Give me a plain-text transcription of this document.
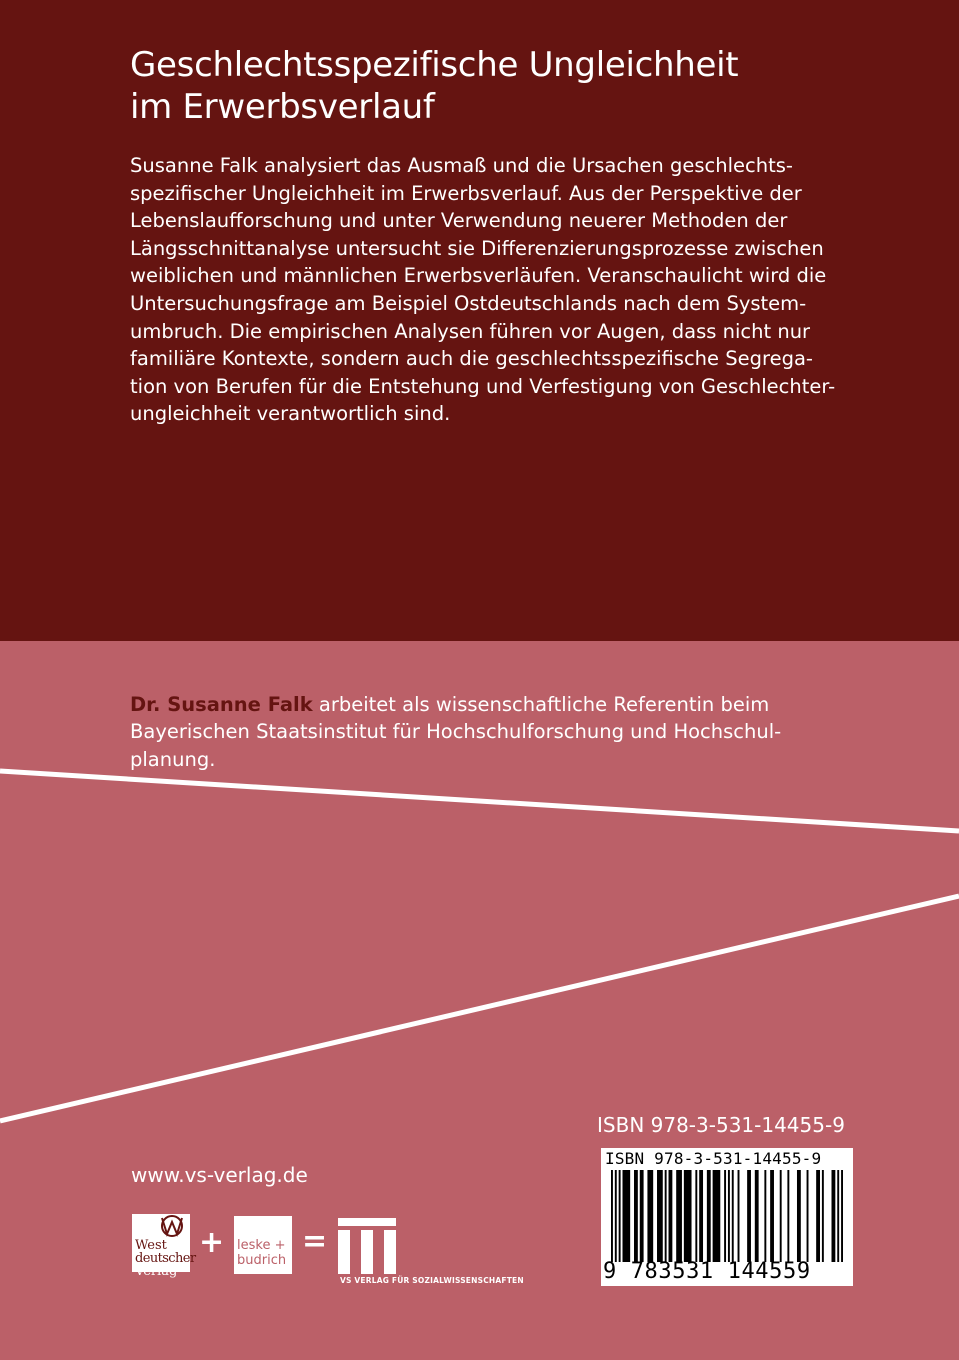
Geschlechtsspezifische Ungleichheit
im Erwerbsverlauf
Susanne Falk analysiert das Ausmaß und die Ursachen geschlechts-
spezifischer Ungleichheit im Erwerbsverlauf. Aus der Perspektive der
Lebenslaufforschung und unter Verwendung neuerer Methoden der
Längsschnittanalyse untersucht sie Differenzierungsprozesse zwischen
weiblichen und männlichen Erwerbsverläufen. Veranschaulicht wird die
Untersuchungsfrage am Beispiel Ostdeutschlands nach dem System-
umbruch. Die empirischen Analysen führen vor Augen, dass nicht nur
familiäre Kontexte, sondern auch die geschlechtsspezifische Segrega-
tion von Berufen für die Entstehung und Verfestigung von Geschlechter-
ungleichheit verantwortlich sind.
Dr. Susanne Falk arbeitet als wissenschaftliche Referentin beim
Bayerischen Staatsinstitut für Hochschulforschung und Hochschul-
planung.
ISBN 978-3-531-14455-9
ISBN 978-3-531-14455-9
9 783531 144559
www.vs-verlag.de
West
deutscher
Verlag
+ leske +
budrich
=
VS VERLAG FÜR SOZIALWISSENSCHAFTEN
